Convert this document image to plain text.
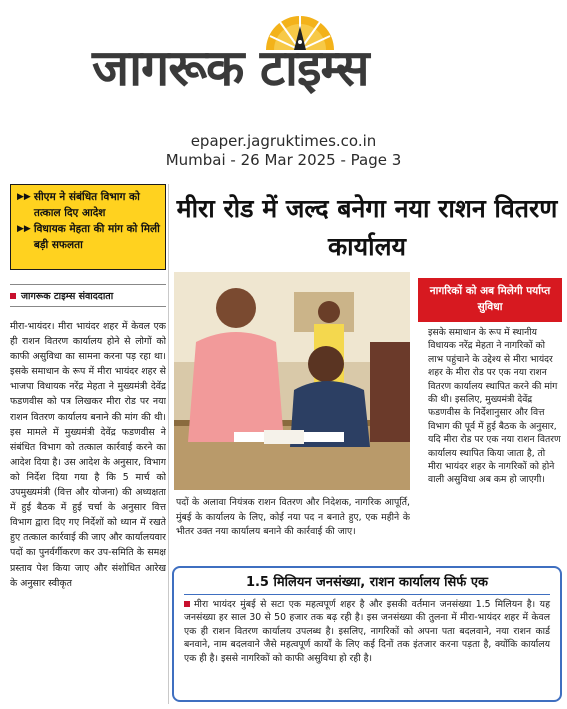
जागरूक टाइम्स
epaper.jagruktimes.co.in
Mumbai - 26 Mar 2025 - Page 3
▶▶ सीएम ने संबंधित विभाग को तत्काल दिए आदेश
▶▶ विधायक मेहता की मांग को मिली बड़ी सफलता
जागरूक टाइम्स संवाददाता
मीरा-भायंदर। मीरा भायंदर शहर में केवल एक ही राशन वितरण कार्यालय होने से लोगों को काफी असुविधा का सामना करना पड़ रहा था। इसके समाधान के रूप में मीरा भायंदर शहर से भाजपा विधायक नरेंद्र मेहता ने मुख्यमंत्री देवेंद्र फडणवीस को पत्र लिखकर मीरा रोड पर नया राशन वितरण कार्यालय बनाने की मांग की थी। इस मामले में मुख्यमंत्री देवेंद्र फडणवीस ने संबंधित विभाग को तत्काल कार्रवाई करने का आदेश दिया है। उस आदेश के अनुसार, विभाग को निर्देश दिया गया है कि 5 मार्च को उपमुख्यमंत्री (वित्त और योजना) की अध्यक्षता में हुई बैठक में हुई चर्चा के अनुसार वित्त विभाग द्वारा दिए गए निर्देशों को ध्यान में रखते हुए तत्काल कार्रवाई की जाए और कार्यालयवार पदों का पुनर्वर्गीकरण कर उप-समिति के समक्ष प्रस्ताव पेश किया जाए और संशोधित आरेख के अनुसार स्वीकृत
मीरा रोड में जल्द बनेगा नया राशन वितरण कार्यालय
पदों के अलावा नियंत्रक राशन वितरण और निदेशक, नागरिक आपूर्ति, मुंबई के कार्यालय के लिए, कोई नया पद न बनाते हुए, एक महीने के भीतर उक्त नया कार्यालय बनाने की कार्रवाई की जाए।
नागरिकों को अब मिलेगी पर्याप्त सुविधा
इसके समाधान के रूप में स्थानीय विधायक नरेंद्र मेहता ने नागरिकों को लाभ पहुंचाने के उद्देश्य से मीरा भायंदर शहर के मीरा रोड पर एक नया राशन वितरण कार्यालय स्थापित करने की मांग की थी। इसलिए, मुख्यमंत्री देवेंद्र फडणवीस के निर्देशानुसार और वित्त विभाग की पूर्व में हुई बैठक के अनुसार, यदि मीरा रोड पर एक नया राशन वितरण कार्यालय स्थापित किया जाता है, तो मीरा भायंदर शहर के नागरिकों को होने वाली असुविधा अब कम हो जाएगी।
1.5 मिलियन जनसंख्या, राशन कार्यालय सिर्फ एक
मीरा भायंदर मुंबई से सटा एक महत्वपूर्ण शहर है और इसकी वर्तमान जनसंख्या 1.5 मिलियन है। यह जनसंख्या हर साल 30 से 50 हजार तक बढ़ रही है। इस जनसंख्या की तुलना में मीरा-भायंदर शहर में केवल एक ही राशन वितरण कार्यालय उपलब्ध है। इसलिए, नागरिकों को अपना पता बदलवाने, नया राशन कार्ड बनवाने, नाम बदलवाने जैसे महत्वपूर्ण कार्यों के लिए कई दिनों तक इंतजार करना पड़ता है, क्योंकि कार्यालय एक ही है। इससे नागरिकों को काफी असुविधा हो रही है।
